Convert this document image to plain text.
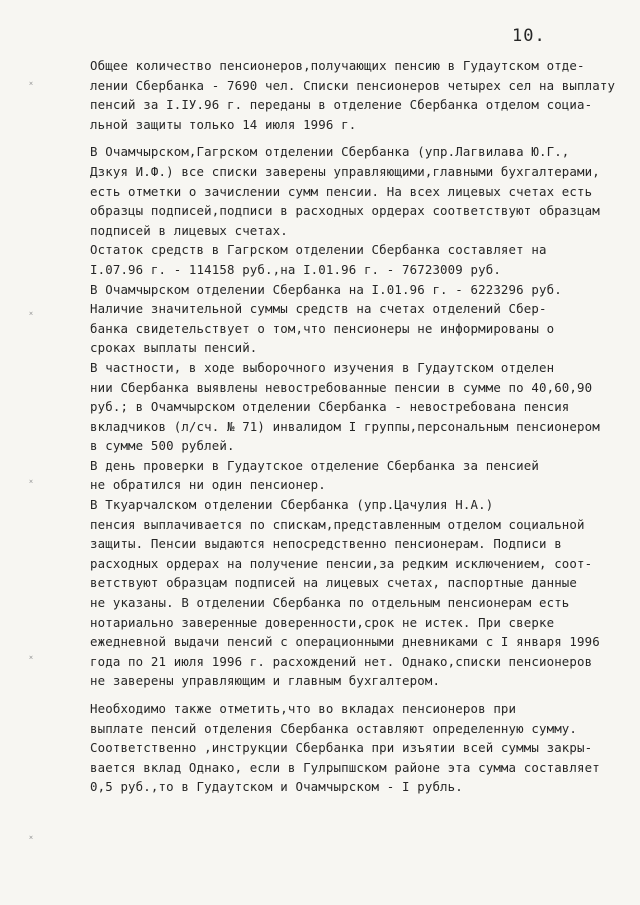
10.
˟
˟
˟
˟
˟
Общее количество пенсионеров,получающих пенсию в Гудаутском отде-
лении Сбербанка - 7690 чел. Списки пенсионеров четырех сел на выплату
пенсий за I.IУ.96 г. переданы в отделение Сбербанка отделом социа-
льной защиты только 14 июля 1996 г.
В Очамчырском,Гагрском отделении Сбербанка (упр.Лагвилава Ю.Г.,
Дзкуя И.Ф.) все списки заверены управляющими,главными бухгалтерами,
есть отметки о зачислении сумм пенсии. На всех лицевых счетах есть
образцы подписей,подписи в расходных ордерах соответствуют образцам
подписей в лицевых счетах.
Остаток средств в Гагрском отделении Сбербанка составляет на
I.07.96 г. - 114158 руб.,на I.01.96 г. - 76723009 руб.
В Очамчырском отделении Сбербанка на I.01.96 г. - 6223296 руб.
Наличие значительной суммы средств на счетах отделений Сбер-
банка свидетельствует о том,что пенсионеры не информированы о
сроках выплаты пенсий.
В частности, в ходе выборочного изучения в Гудаутском отделен
нии Сбербанка выявлены невостребованные пенсии в сумме по 40,60,90
руб.; в Очамчырском отделении Сбербанка - невостребована пенсия
вкладчиков (л/сч. № 71) инвалидом I группы,персональным пенсионером
в сумме 500 рублей.
В день проверки в Гудаутское отделение Сбербанка за пенсией
не обратился ни один пенсионер.
В Ткуарчалском отделении Сбербанка (упр.Цачулия Н.А.)
пенсия выплачивается по спискам,представленным отделом социальной
защиты. Пенсии выдаются непосредственно пенсионерам. Подписи в
расходных ордерах на получение пенсии,за редким исключением, соот-
ветствуют образцам подписей на лицевых счетах, паспортные данные
не указаны. В отделении Сбербанка по отдельным пенсионерам есть
нотариально заверенные доверенности,срок не истек. При сверке
ежедневной выдачи пенсий с операционными дневниками с I января 1996
года по 21 июля 1996 г. расхождений нет. Однако,списки пенсионеров
не заверены управляющим и главным бухгалтером.
Необходимо также отметить,что во вкладах пенсионеров при
выплате пенсий отделения Сбербанка оставляют определенную сумму.
Соответственно ,инструкции Сбербанка при изъятии всей суммы закры-
вается вклад Однако, если в Гулрыпшском районе эта сумма составляет
0,5 руб.,то в Гудаутском и Очамчырском - I рубль.
